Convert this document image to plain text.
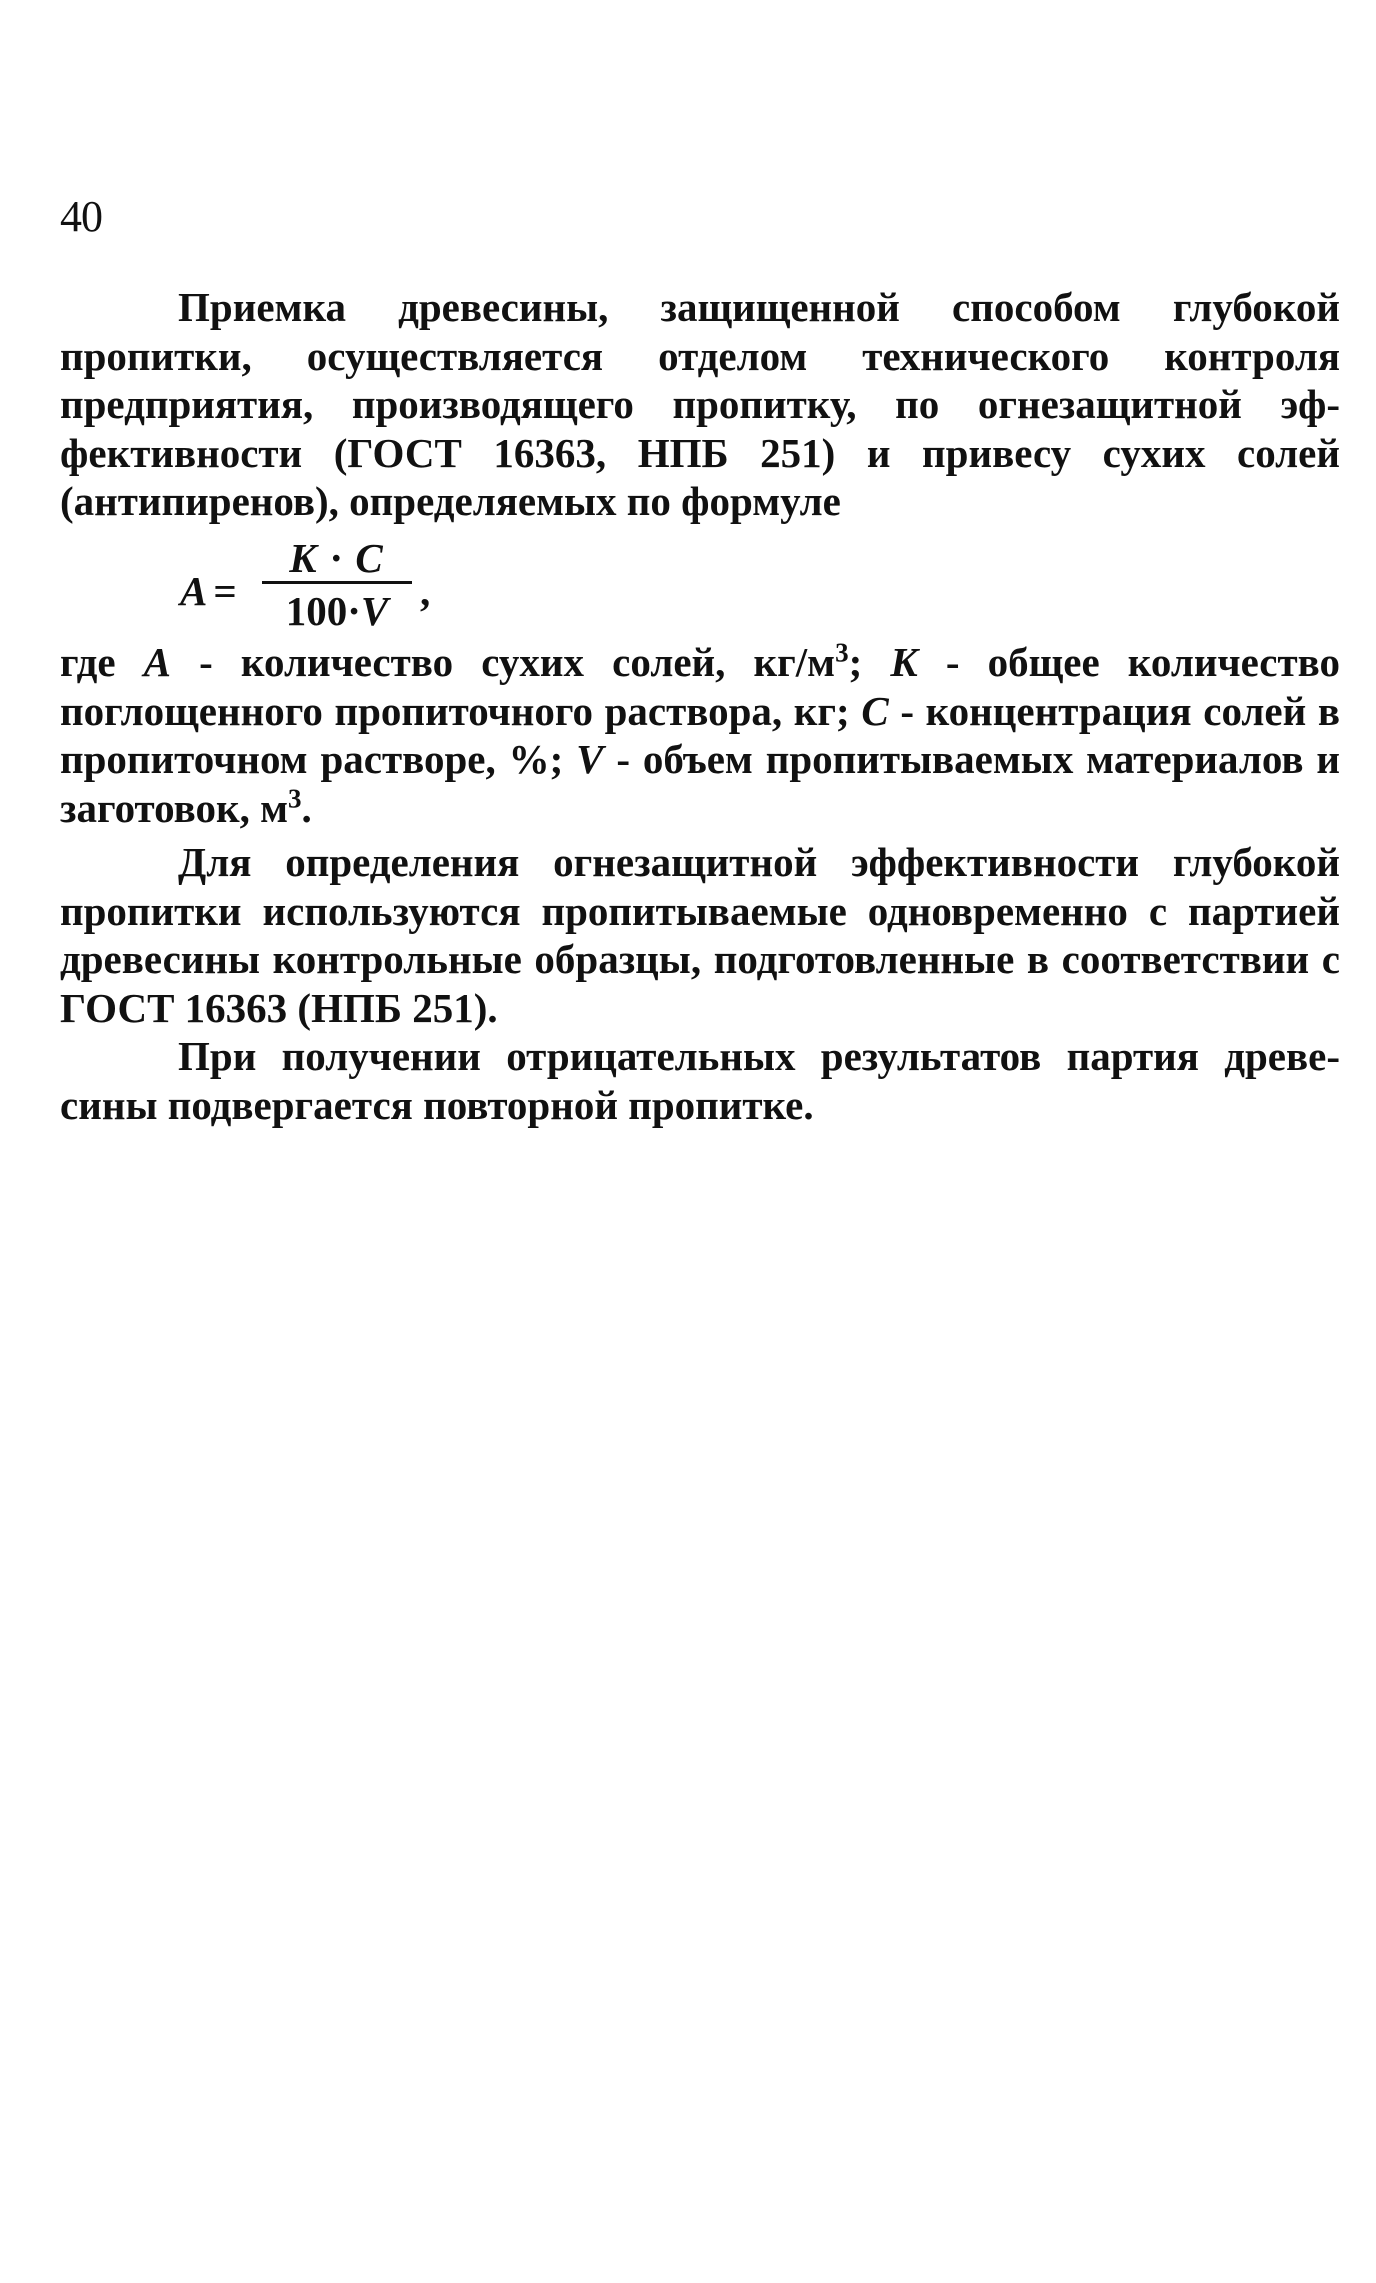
40

Приемка древесины, защищенной способом глубокой пропитки, осуществляется отделом технического контроля предприятия, производящего пропитку, по огнезащитной эффективности (ГОСТ 16363, НПБ 251) и привесу сухих солей (антипиренов), определяемых по формуле

A =
K · C
100·V ,

где A - количество сухих солей, $кг/м^3$; K - общее количество поглощенного пропиточного раствора, кг; C - концентрация солей в пропиточном растворе, %; V - объем пропитываемых материалов и заготовок, $м^3$.

Для определения огнезащитной эффективности глубокой пропитки используются пропитываемые одновременно с партией древесины контрольные образцы, подготовленные в соответствии с ГОСТ 16363 (НПБ 251).

При получении отрицательных результатов партия древесины подвергается повторной пропитке.
